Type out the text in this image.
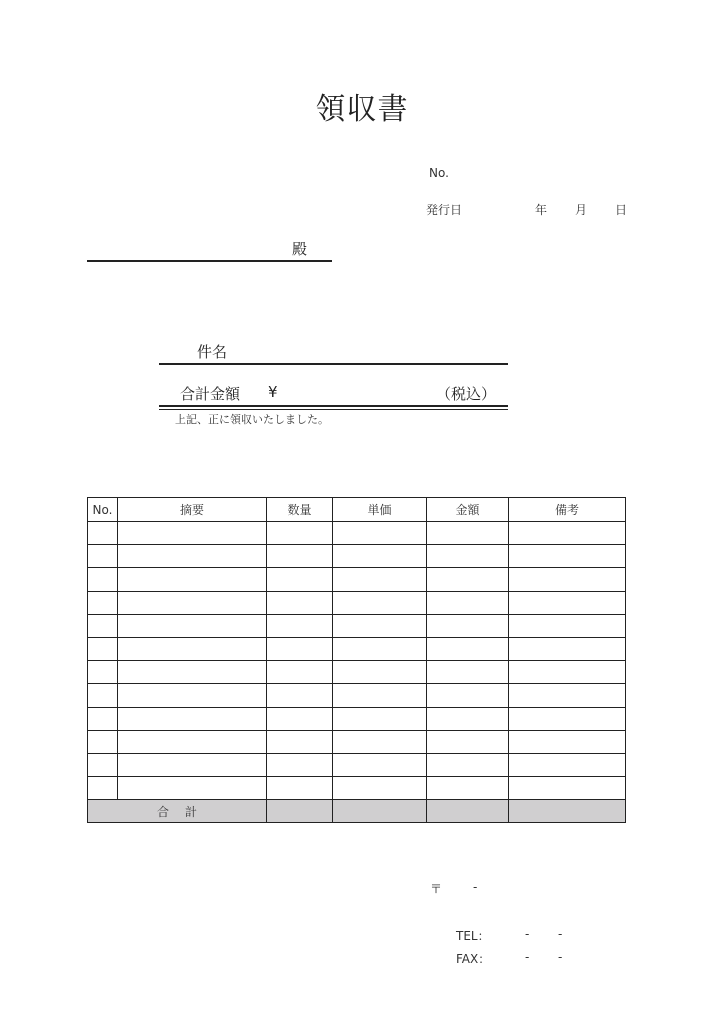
領収書
No.
発行日	年 月 日
殿
件名
合計金額 ¥	（税込）
上記、正に領収いたしました。
No.	摘要	数量	単価	金額	備考

合計					
〒	-
TEL：	- -
FAX：	- -
